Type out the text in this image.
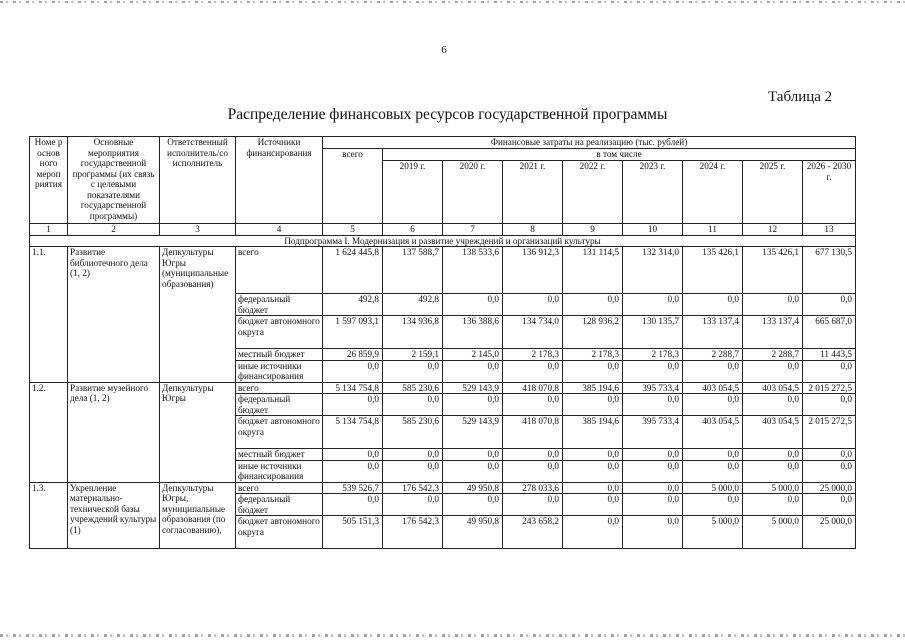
6
Таблица 2
Распределение финансовых ресурсов государственной программы
Номе р основ ного мероп риятия	Основные мероприятия государственной программы (их связь с целевыми показателями государственной программы)	Ответственный исполнитель/со исполнитель	Источники финансирования	Финансовые затраты на реализацию (тыс. рублей)								
				всего	в том числе							
					2019 г.	2020 г.	2021 г.	2022 г.	2023 г.	2024 г.	2025 г.	2026 - 2030 г.
1	2	3	4	5	6	7	8	9	10	11	12	13
Подпрограмма I. Модернизация и развитие учреждений и организаций культуры												
1.1.	Развитие библиотечного дела (1, 2)	Депкультуры Югры (муниципальные образования)	всего	1 624 445,8	137 588,7	138 533,6	136 912,3	131 114,5	132 314,0	135 426,1	135 426,1	677 130,5
			федеральный бюджет	492,8	492,8	0,0	0,0	0,0	0,0	0,0	0,0	0,0
			бюджет автономного округа	1 597 093,1	134 936,8	136 388,6	134 734,0	128 936,2	130 135,7	133 137,4	133 137,4	665 687,0
			местный бюджет	26 859,9	2 159,1	2 145,0	2 178,3	2 178,3	2 178,3	2 288,7	2 288,7	11 443,5
			иные источники финансирования	0,0	0,0	0,0	0,0	0,0	0,0	0,0	0,0	0,0
1.2.	Развитие музейного дела (1, 2)	Депкультуры Югры	всего	5 134 754,8	585 230,6	529 143,9	418 070,8	385 194,6	395 733,4	403 054,5	403 054,5	2 015 272,5
			федеральный бюджет	0,0	0,0	0,0	0,0	0,0	0,0	0,0	0,0	0,0
			бюджет автономного округа	5 134 754,8	585 230,6	529 143,9	418 070,8	385 194,6	395 733,4	403 054,5	403 054,5	2 015 272,5
			местный бюджет	0,0	0,0	0,0	0,0	0,0	0,0	0,0	0,0	0,0
			иные источники финансирования	0,0	0,0	0,0	0,0	0,0	0,0	0,0	0,0	0,0
1.3.	Укрепление материально-технической базы учреждений культуры (1)	Депкультуры Югры, муниципальные образования (по согласованию),	всего	539 526,7	176 542,3	49 950,8	278 033,6	0,0	0,0	5 000,0	5 000,0	25 000,0
			федеральный бюджет	0,0	0,0	0,0	0,0	0,0	0,0	0,0	0,0	0,0
			бюджет автономного округа	505 151,3	176 542,3	49 950,8	243 658,2	0,0	0,0	5 000,0	5 000,0	25 000,0
